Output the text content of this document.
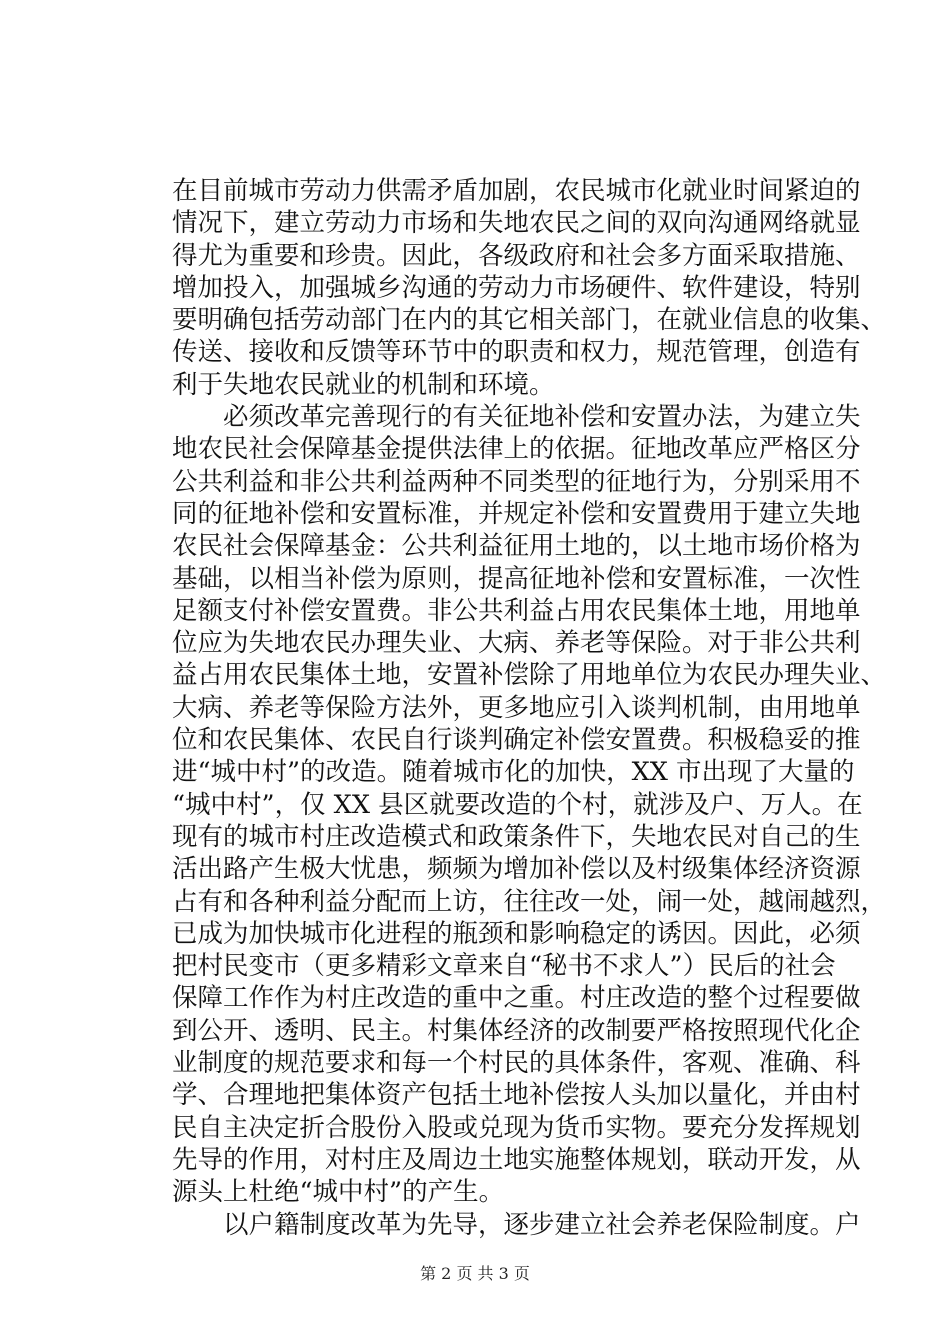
在目前城市劳动力供需矛盾加剧，农民城市化就业时间紧迫的
情况下，建立劳动力市场和失地农民之间的双向沟通网络就显
得尤为重要和珍贵。因此，各级政府和社会多方面采取措施、
增加投入，加强城乡沟通的劳动力市场硬件、软件建设，特别
要明确包括劳动部门在内的其它相关部门，在就业信息的收集、
传送、接收和反馈等环节中的职责和权力，规范管理，创造有
利于失地农民就业的机制和环境。
　　必须改革完善现行的有关征地补偿和安置办法，为建立失
地农民社会保障基金提供法律上的依据。征地改革应严格区分
公共利益和非公共利益两种不同类型的征地行为，分别采用不
同的征地补偿和安置标准，并规定补偿和安置费用于建立失地
农民社会保障基金：公共利益征用土地的，以土地市场价格为
基础，以相当补偿为原则，提高征地补偿和安置标准，一次性
足额支付补偿安置费。非公共利益占用农民集体土地，用地单
位应为失地农民办理失业、大病、养老等保险。对于非公共利
益占用农民集体土地，安置补偿除了用地单位为农民办理失业、
大病、养老等保险方法外，更多地应引入谈判机制，由用地单
位和农民集体、农民自行谈判确定补偿安置费。积极稳妥的推
进“城中村”的改造。随着城市化的加快，XX 市出现了大量的
“城中村”，仅 XX 县区就要改造的个村，就涉及户、万人。在
现有的城市村庄改造模式和政策条件下，失地农民对自己的生
活出路产生极大忧患，频频为增加补偿以及村级集体经济资源
占有和各种利益分配而上访，往往改一处，闹一处，越闹越烈，
已成为加快城市化进程的瓶颈和影响稳定的诱因。因此，必须
把村民变市（更多精彩文章来自“秘书不求人”）民后的社会
保障工作作为村庄改造的重中之重。村庄改造的整个过程要做
到公开、透明、民主。村集体经济的改制要严格按照现代化企
业制度的规范要求和每一个村民的具体条件，客观、准确、科
学、合理地把集体资产包括土地补偿按人头加以量化，并由村
民自主决定折合股份入股或兑现为货币实物。要充分发挥规划
先导的作用，对村庄及周边土地实施整体规划，联动开发，从
源头上杜绝“城中村”的产生。
　　以户籍制度改革为先导，逐步建立社会养老保险制度。户
第 2 页 共 3 页
